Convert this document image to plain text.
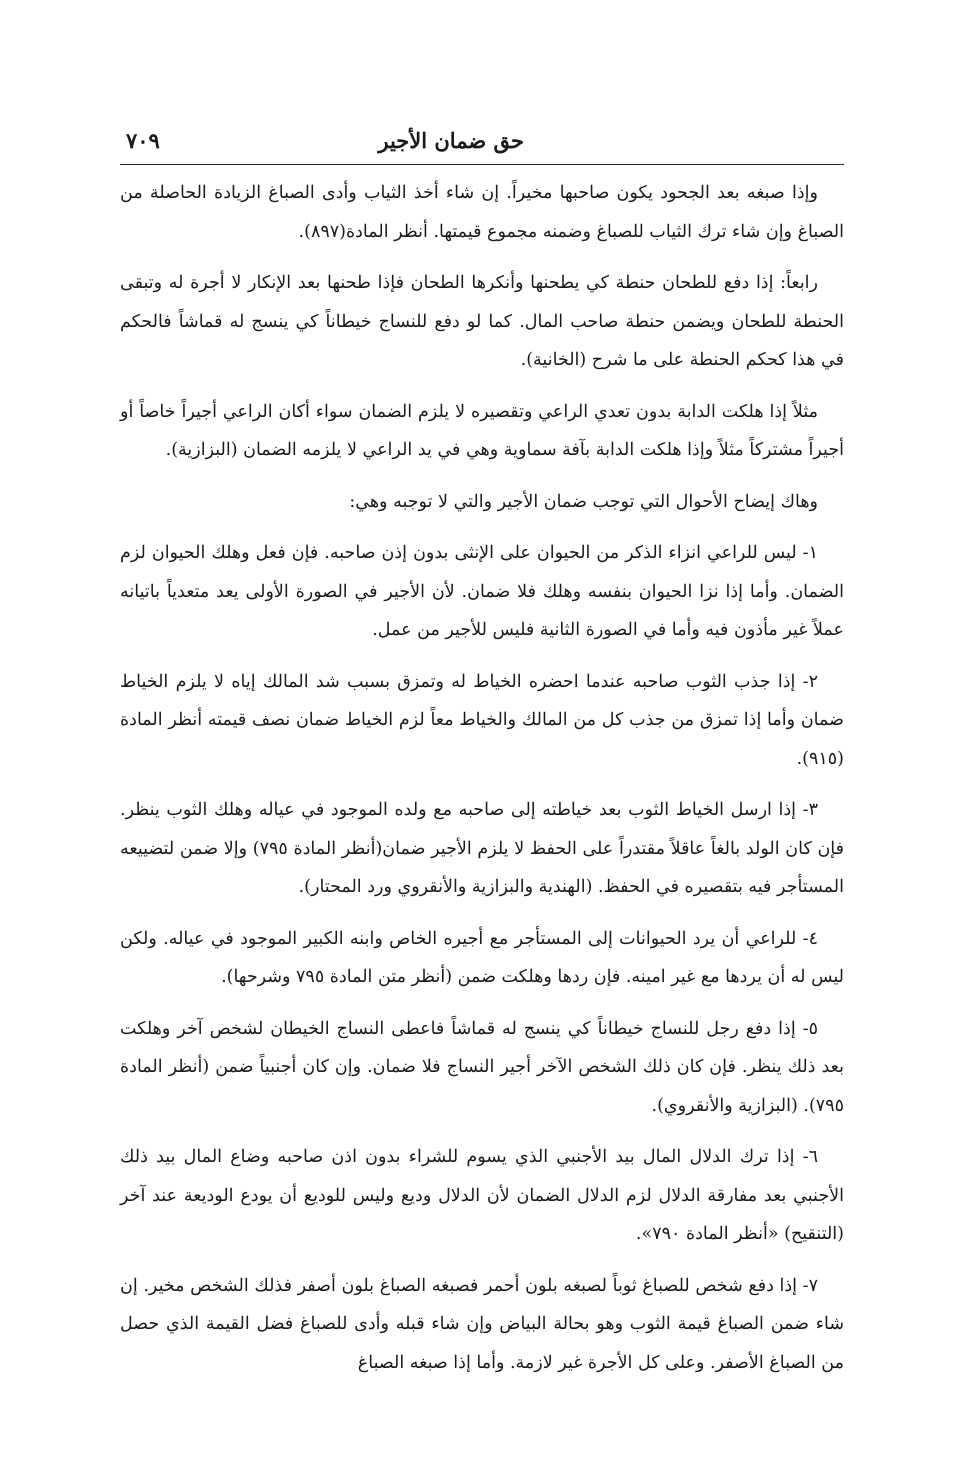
حق ضمان الأجير
٧٠٩

وإذا صبغه بعد الجحود يكون صاحبها مخيراً. إن شاء أخذ الثياب وأدى الصباغ الزيادة الحاصلة من الصباغ وإن شاء ترك الثياب للصباغ وضمنه مجموع قيمتها. أنظر المادة(٨٩٧).

رابعاً: إذا دفع للطحان حنطة كي يطحنها وأنكرها الطحان فإذا طحنها بعد الإنكار لا أجرة له وتبقى الحنطة للطحان ويضمن حنطة صاحب المال. كما لو دفع للنساج خيطاناً كي ينسج له قماشاً فالحكم في هذا كحكم الحنطة على ما شرح (الخانية).

مثلاً إذا هلكت الدابة بدون تعدي الراعي وتقصيره لا يلزم الضمان سواء أكان الراعي أجيراً خاصاً أو أجيراً مشتركاً مثلاً وإذا هلكت الدابة بآفة سماوية وهي في يد الراعي لا يلزمه الضمان (البزازية).

وهاك إيضاح الأحوال التي توجب ضمان الأجير والتي لا توجبه وهي:

١- ليس للراعي انزاء الذكر من الحيوان على الإنثى بدون إذن صاحبه. فإن فعل وهلك الحيوان لزم الضمان. وأما إذا نزا الحيوان بنفسه وهلك فلا ضمان. لأن الأجير في الصورة الأولى يعد متعدياً باتيانه عملاً غير مأذون فيه وأما في الصورة الثانية فليس للأجير من عمل.

٢- إذا جذب الثوب صاحبه عندما احضره الخياط له وتمزق بسبب شد المالك إياه لا يلزم الخياط ضمان وأما إذا تمزق من جذب كل من المالك والخياط معاً لزم الخياط ضمان نصف قيمته أنظر المادة (٩١٥).

٣- إذا ارسل الخياط الثوب بعد خياطته إلى صاحبه مع ولده الموجود في عياله وهلك الثوب ينظر. فإن كان الولد بالغاً عاقلاً مقتدراً على الحفظ لا يلزم الأجير ضمان(أنظر المادة ٧٩٥) وإلا ضمن لتضييعه المستأجر فيه بتقصيره في الحفظ. (الهندية والبزازية والأنقروي ورد المحتار).

٤- للراعي أن يرد الحيوانات إلى المستأجر مع أجيره الخاص وابنه الكبير الموجود في عياله. ولكن ليس له أن يردها مع غير امينه. فإن ردها وهلكت ضمن (أنظر متن المادة ٧٩٥ وشرحها).

٥- إذا دفع رجل للنساج خيطاناً كي ينسج له قماشاً فاعطى النساج الخيطان لشخص آخر وهلكت بعد ذلك ينظر. فإن كان ذلك الشخص الآخر أجير النساج فلا ضمان. وإن كان أجنبياً ضمن (أنظر المادة ٧٩٥). (البزازية والأنقروي).

٦- إذا ترك الدلال المال بيد الأجنبي الذي يسوم للشراء بدون اذن صاحبه وضاع المال بيد ذلك الأجنبي بعد مفارقة الدلال لزم الدلال الضمان لأن الدلال وديع وليس للوديع أن يودع الوديعة عند آخر (التنقيح) «أنظر المادة ٧٩٠».

٧- إذا دفع شخص للصباغ ثوباً لصبغه بلون أحمر فصبغه الصباغ بلون أصفر فذلك الشخص مخير. إن شاء ضمن الصباغ قيمة الثوب وهو بحالة البياض وإن شاء قبله وأدى للصباغ فضل القيمة الذي حصل من الصباغ الأصفر. وعلى كل الأجرة غير لازمة. وأما إذا صبغه الصباغ
